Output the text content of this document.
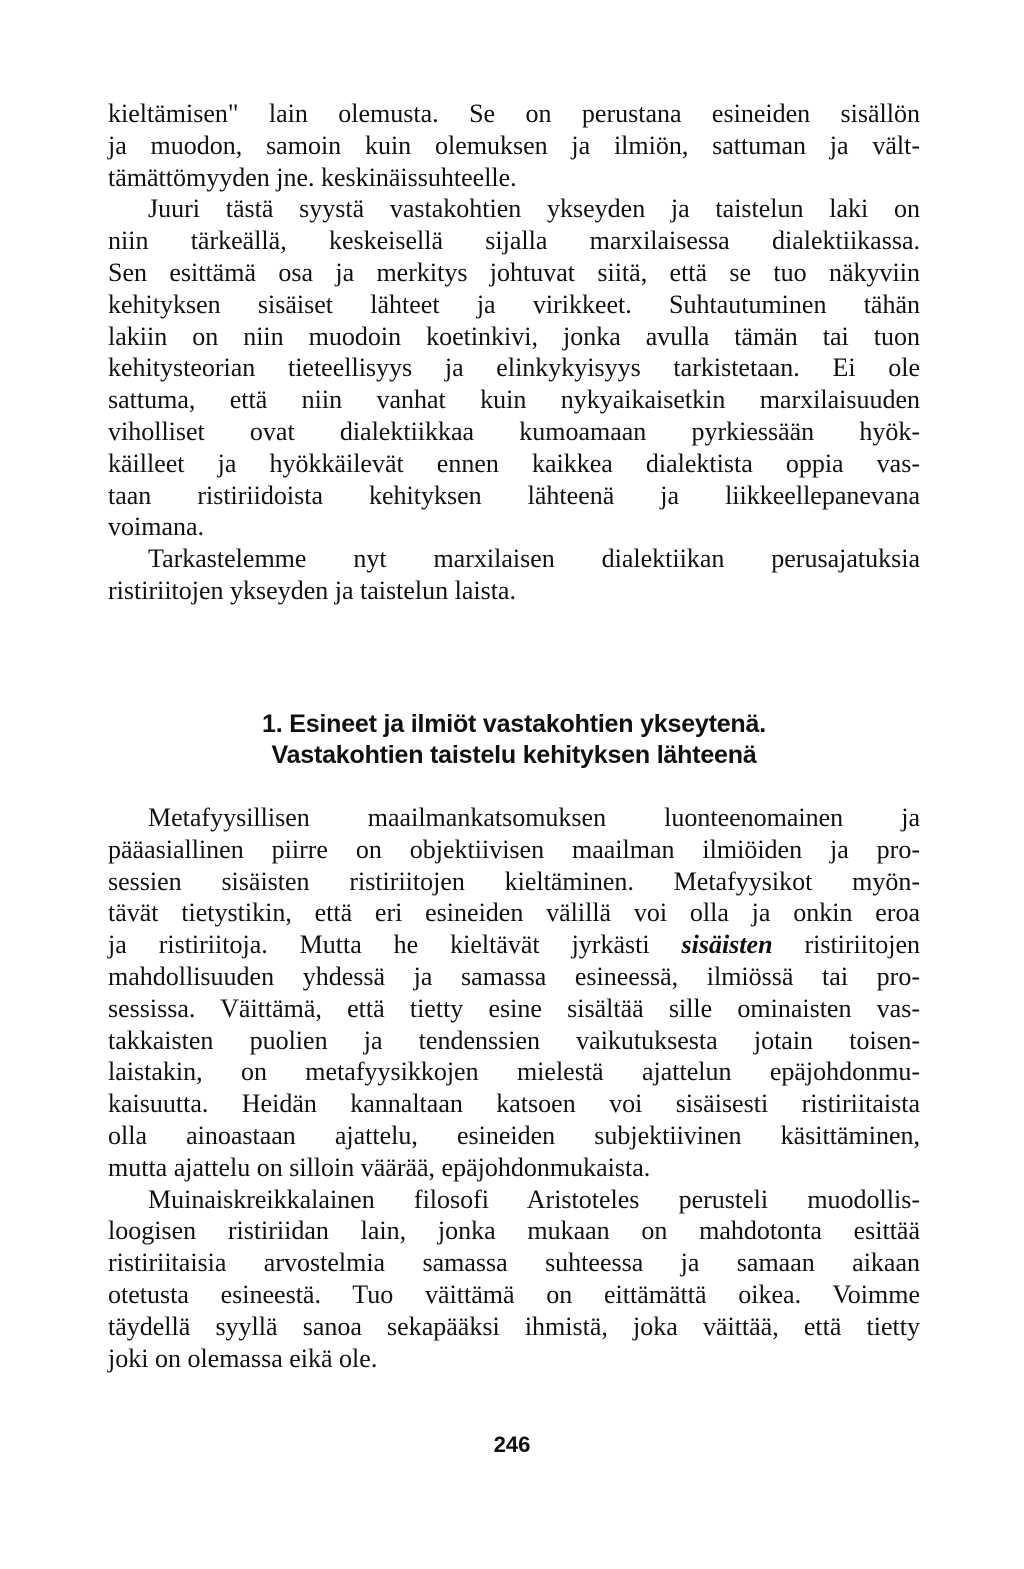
kieltämisen" lain olemusta. Se on perustana esineiden sisällön
ja muodon, samoin kuin olemuksen ja ilmiön, sattuman ja vält-
tämättömyyden jne. keskinäissuhteelle.
Juuri tästä syystä vastakohtien ykseyden ja taistelun laki on
niin tärkeällä, keskeisellä sijalla marxilaisessa dialektiikassa.
Sen esittämä osa ja merkitys johtuvat siitä, että se tuo näkyviin
kehityksen sisäiset lähteet ja virikkeet. Suhtautuminen tähän
lakiin on niin muodoin koetinkivi, jonka avulla tämän tai tuon
kehitysteorian tieteellisyys ja elinkykyisyys tarkistetaan. Ei ole
sattuma, että niin vanhat kuin nykyaikaisetkin marxilaisuuden
viholliset ovat dialektiikkaa kumoamaan pyrkiessään hyök-
käilleet ja hyökkäilevät ennen kaikkea dialektista oppia vas-
taan ristiriidoista kehityksen lähteenä ja liikkeellepanevana
voimana.
Tarkastelemme nyt marxilaisen dialektiikan perusajatuksia
ristiriitojen ykseyden ja taistelun laista.
1. Esineet ja ilmiöt vastakohtien ykseytenä.
Vastakohtien taistelu kehityksen lähteenä
Metafyysillisen maailmankatsomuksen luonteenomainen ja
pääasiallinen piirre on objektiivisen maailman ilmiöiden ja pro-
sessien sisäisten ristiriitojen kieltäminen. Metafyysikot myön-
tävät tietystikin, että eri esineiden välillä voi olla ja onkin eroa
ja ristiriitoja. Mutta he kieltävät jyrkästi sisäisten ristiriitojen
mahdollisuuden yhdessä ja samassa esineessä, ilmiössä tai pro-
sessissa. Väittämä, että tietty esine sisältää sille ominaisten vas-
takkaisten puolien ja tendenssien vaikutuksesta jotain toisen-
laistakin, on metafyysikkojen mielestä ajattelun epäjohdonmu-
kaisuutta. Heidän kannaltaan katsoen voi sisäisesti ristiriitaista
olla ainoastaan ajattelu, esineiden subjektiivinen käsittäminen,
mutta ajattelu on silloin väärää, epäjohdonmukaista.
Muinaiskreikkalainen filosofi Aristoteles perusteli muodollis-
loogisen ristiriidan lain, jonka mukaan on mahdotonta esittää
ristiriitaisia arvostelmia samassa suhteessa ja samaan aikaan
otetusta esineestä. Tuo väittämä on eittämättä oikea. Voimme
täydellä syyllä sanoa sekapääksi ihmistä, joka väittää, että tietty
joki on olemassa eikä ole.
246
